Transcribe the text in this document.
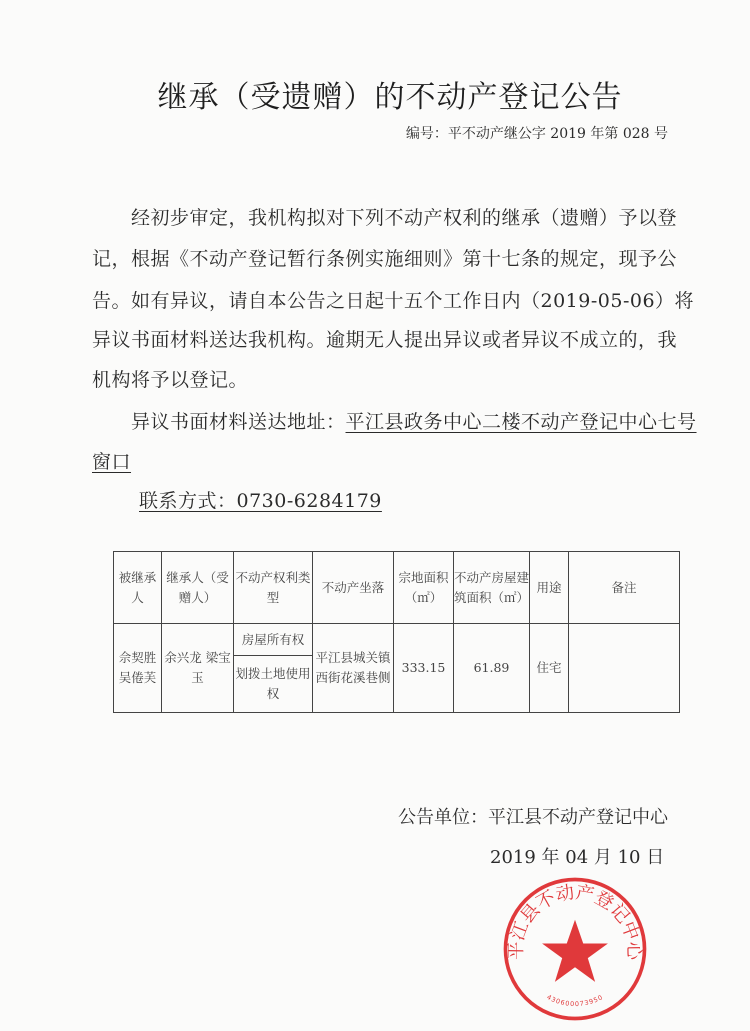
继承（受遗赠）的不动产登记公告
编号：平不动产继公字 2019 年第 028 号
　　经初步审定，我机构拟对下列不动产权利的继承（遗赠）予以登
记，根据《不动产登记暂行条例实施细则》第十七条的规定，现予公
告。如有异议，请自本公告之日起十五个工作日内（2019-05-06）将
异议书面材料送达我机构。逾期无人提出异议或者异议不成立的，我
机构将予以登记。
　　异议书面材料送达地址：平江县政务中心二楼不动产登记中心七号
窗口
联系方式：0730-6284179
被继承人	继承人（受赠人）	不动产权利类　型	不动产坐落	宗地面积（㎡）	不动产房屋建筑面积（㎡）	用途	备注
佘契胜 吴倦芙	余兴龙 梁宝玉	房屋所有权	平江县城关镇西街花溪巷侧	333.15	61.89	住宅	
		划拨土地使用权					
公告单位：平江县不动产登记中心
2019 年 04 月 10 日
平江县不动产登记中心
430600073950
